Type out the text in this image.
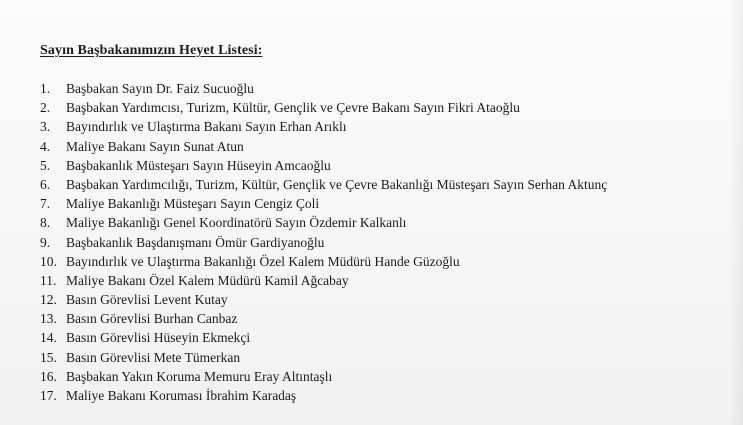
Sayın Başbakanımızın Heyet Listesi:
1. Başbakan Sayın Dr. Faiz Sucuoğlu
2. Başbakan Yardımcısı, Turizm, Kültür, Gençlik ve Çevre Bakanı Sayın Fikri Ataoğlu
3. Bayındırlık ve Ulaştırma Bakanı Sayın Erhan Arıklı
4. Maliye Bakanı Sayın Sunat Atun
5. Başbakanlık Müsteşarı Sayın Hüseyin Amcaoğlu
6. Başbakan Yardımcılığı, Turizm, Kültür, Gençlik ve Çevre Bakanlığı Müsteşarı Sayın Serhan Aktunç
7. Maliye Bakanlığı Müsteşarı Sayın Cengiz Çoli
8. Maliye Bakanlığı Genel Koordinatörü Sayın Özdemir Kalkanlı
9. Başbakanlık Başdanışmanı Ömür Gardiyanoğlu
10. Bayındırlık ve Ulaştırma Bakanlığı Özel Kalem Müdürü Hande Güzoğlu
11. Maliye Bakanı Özel Kalem Müdürü Kamil Ağcabay
12. Basın Görevlisi Levent Kutay
13. Basın Görevlisi Burhan Canbaz
14. Basın Görevlisi Hüseyin Ekmekçi
15. Basın Görevlisi Mete Tümerkan
16. Başbakan Yakın Koruma Memuru Eray Altıntaşlı
17. Maliye Bakanı Koruması İbrahim Karadaş
